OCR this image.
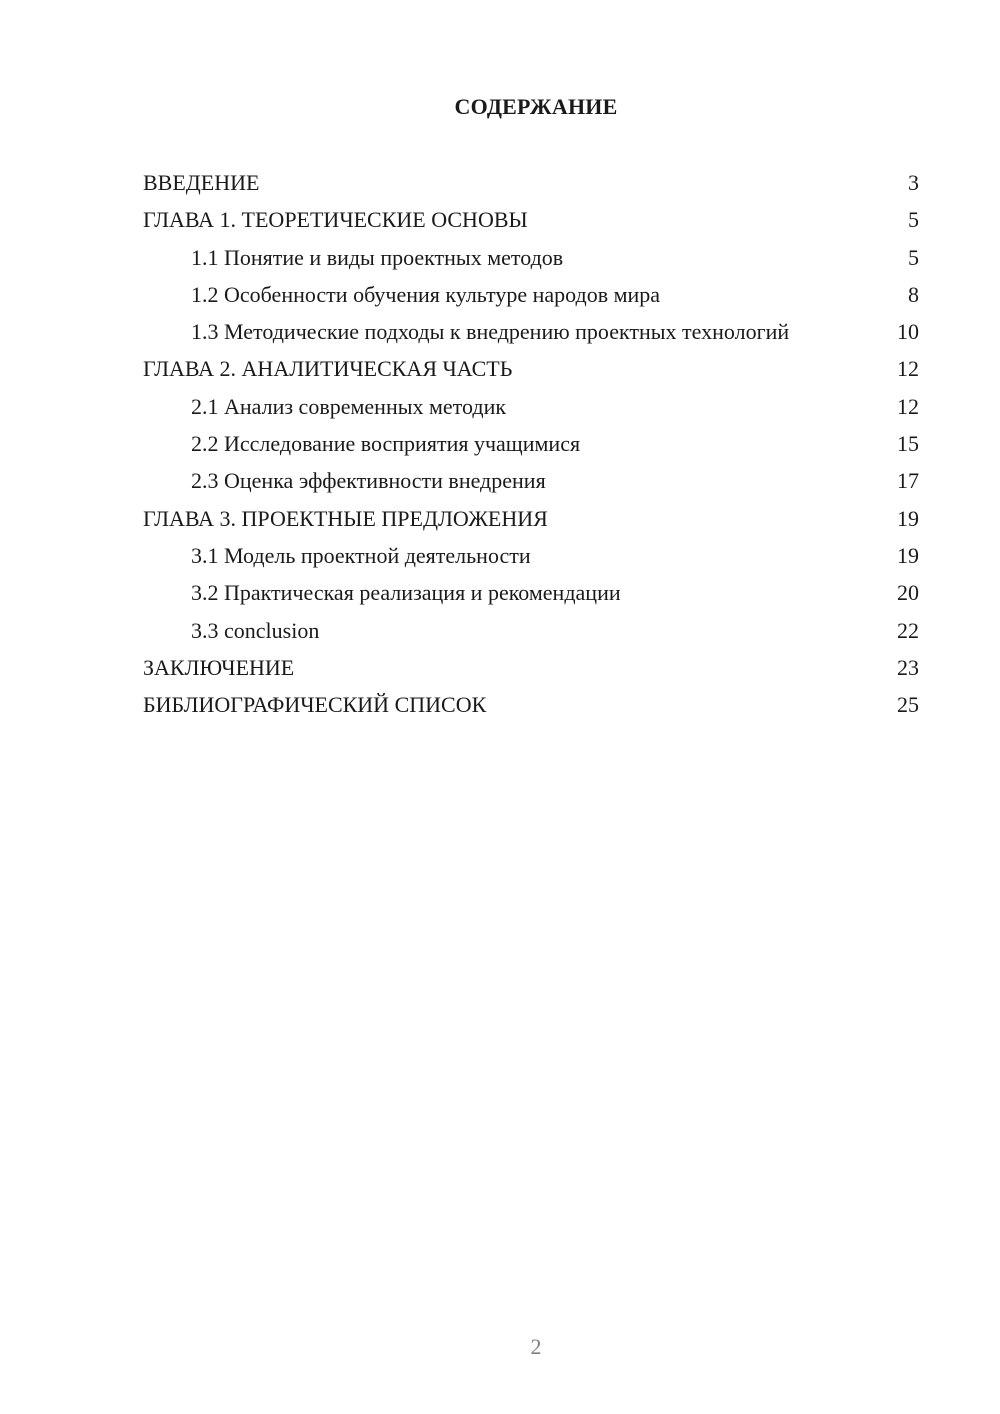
СОДЕРЖАНИЕ
ВВЕДЕНИЕ	3
ГЛАВА 1. ТЕОРЕТИЧЕСКИЕ ОСНОВЫ	5
1.1 Понятие и виды проектных методов	5
1.2 Особенности обучения культуре народов мира	8
1.3 Методические подходы к внедрению проектных технологий	10
ГЛАВА 2. АНАЛИТИЧЕСКАЯ ЧАСТЬ	12
2.1 Анализ современных методик	12
2.2 Исследование восприятия учащимися	15
2.3 Оценка эффективности внедрения	17
ГЛАВА 3. ПРОЕКТНЫЕ ПРЕДЛОЖЕНИЯ	19
3.1 Модель проектной деятельности	19
3.2 Практическая реализация и рекомендации	20
3.3 conclusion	22
ЗАКЛЮЧЕНИЕ	23
БИБЛИОГРАФИЧЕСКИЙ СПИСОК	25
2
